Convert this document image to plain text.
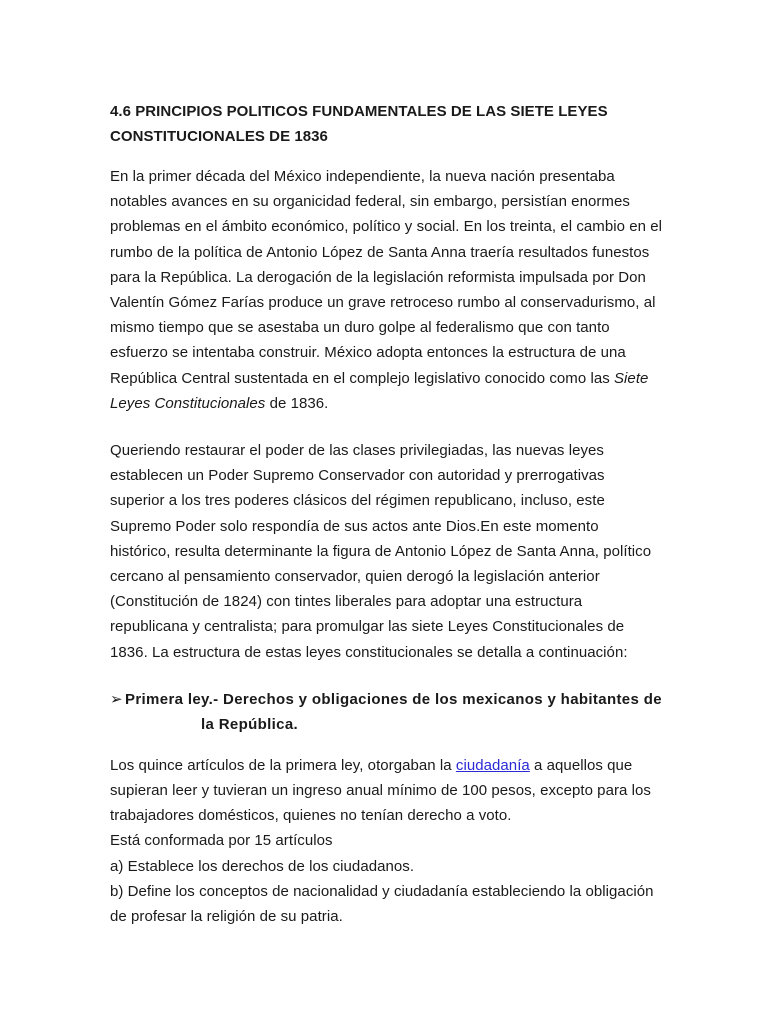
4.6 PRINCIPIOS POLITICOS FUNDAMENTALES DE LAS SIETE LEYES
CONSTITUCIONALES DE 1836

En la primer década del México independiente, la nueva nación presentaba notables avances en su organicidad federal, sin embargo, persistían enormes problemas en el ámbito económico, político y social. En los treinta, el cambio en el rumbo de la política de Antonio López de Santa Anna traería resultados funestos para la República. La derogación de la legislación reformista impulsada por Don Valentín Gómez Farías produce un grave retroceso rumbo al conservadurismo, al mismo tiempo que se asestaba un duro golpe al federalismo que con tanto esfuerzo se intentaba construir. México adopta entonces la estructura de una República Central sustentada en el complejo legislativo conocido como las Siete Leyes Constitucionales de 1836.

Queriendo restaurar el poder de las clases privilegiadas, las nuevas leyes establecen un Poder Supremo Conservador con autoridad y prerrogativas superior a los tres poderes clásicos del régimen republicano, incluso, este Supremo Poder solo respondía de sus actos ante Dios.En este momento histórico, resulta determinante la figura de Antonio López de Santa Anna, político cercano al pensamiento conservador, quien derogó la legislación anterior (Constitución de 1824) con tintes liberales para adoptar una estructura republicana y centralista; para promulgar las siete Leyes Constitucionales de 1836. La estructura de estas leyes constitucionales se detalla a continuación:

➢ Primera ley.- Derechos y obligaciones de los mexicanos y habitantes de
la República.
Los quince artículos de la primera ley, otorgaban la ciudadanía a aquellos que supieran leer y tuvieran un ingreso anual mínimo de 100 pesos, excepto para los trabajadores domésticos, quienes no tenían derecho a voto.
Está conformada por 15 artículos
a) Establece los derechos de los ciudadanos.
b) Define los conceptos de nacionalidad y ciudadanía estableciendo la obligación de profesar la religión de su patria.
